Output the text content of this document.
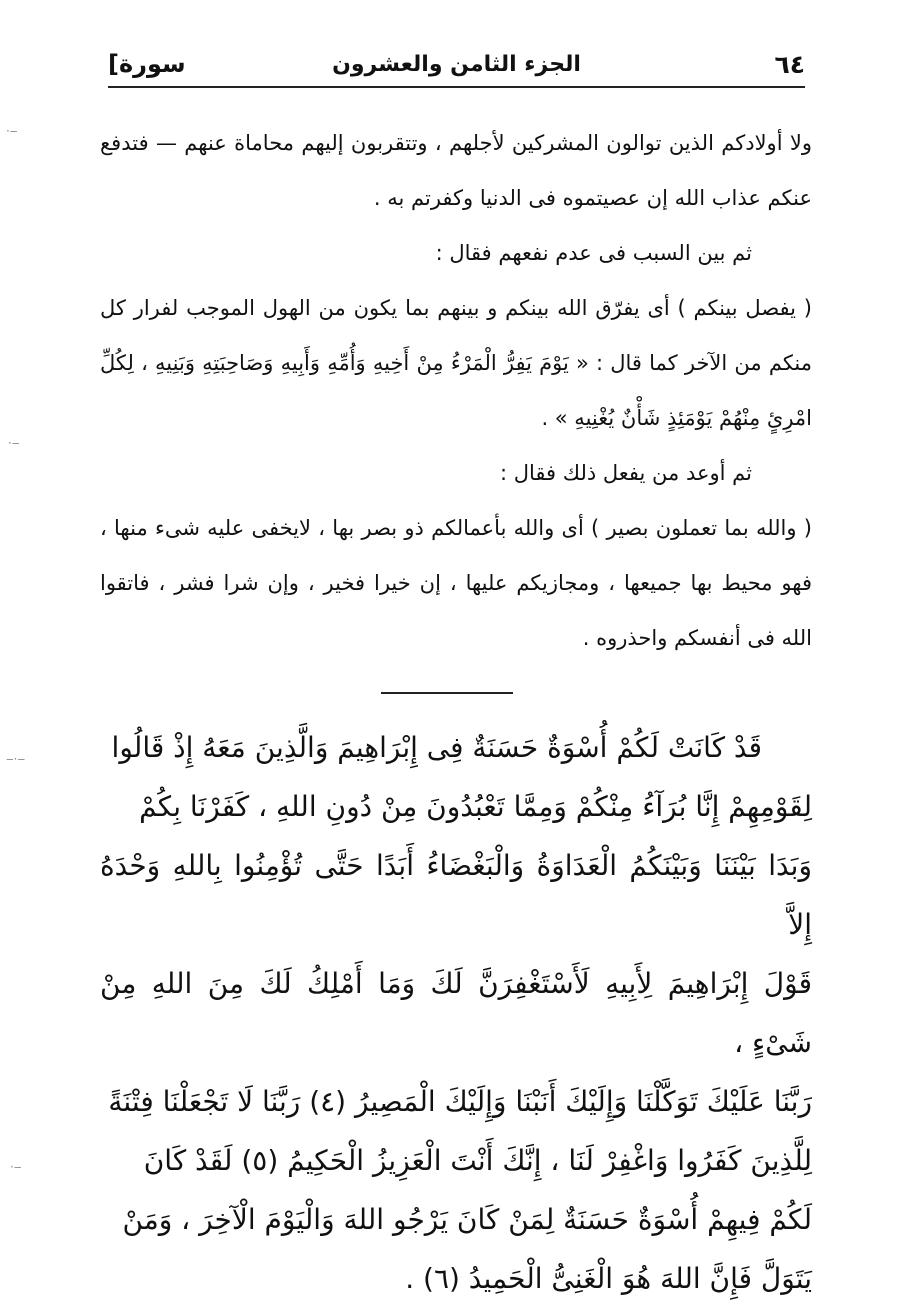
٦٤
الجزء الثامن والعشرون
[سورة

ولا أولادكم الذين توالون المشركين لأجلهم ، وتتقربون إليهم محاماة عنهم — فتدفع عنكم عذاب الله إن عصيتموه فى الدنيا وكفرتم به .

ثم بين السبب فى عدم نفعهم فقال :

( يفصل بينكم ) أى يفرّق الله بينكم و بينهم بما يكون من الهول الموجب لفرار كل منكم من الآخر كما قال : « يَوْمَ يَفِرُّ الْمَرْءُ مِنْ أَخِيهِ وَأُمِّهِ وَأَبِيهِ وَصَاحِبَتِهِ وَبَنِيهِ ، لِكُلِّ امْرِئٍ مِنْهُمْ يَوْمَئِذٍ شَأْنٌ يُغْنِيهِ » .

ثم أوعد من يفعل ذلك فقال :

( والله بما تعملون بصير ) أى والله بأعمالكم ذو بصر بها ، لايخفى عليه شىء منها ، فهو محيط بها جميعها ، ومجازيكم عليها ، إن خيرا فخير ، وإن شرا فشر ، فاتقوا الله فى أنفسكم واحذروه .

قَدْ كَانَتْ لَكُمْ أُسْوَةٌ حَسَنَةٌ فِى إِبْرَاهِيمَ وَالَّذِينَ مَعَهُ إِذْ قَالُوا

لِقَوْمِهِمْ إِنَّا بُرَآءُ مِنْكُمْ وَمِمَّا تَعْبُدُونَ مِنْ دُونِ اللهِ ، كَفَرْنَا بِكُمْ

وَبَدَا بَيْنَنَا وَبَيْنَكُمُ الْعَدَاوَةُ وَالْبَغْضَاءُ أَبَدًا حَتَّى تُؤْمِنُوا بِاللهِ وَحْدَهُ إِلاَّ

قَوْلَ إِبْرَاهِيمَ لِأَبِيهِ لَأَسْتَغْفِرَنَّ لَكَ وَمَا أَمْلِكُ لَكَ مِنَ اللهِ مِنْ شَىْءٍ ،

رَبَّنَا عَلَيْكَ تَوَكَّلْنَا وَإِلَيْكَ أَنَبْنَا وَإِلَيْكَ الْمَصِيرُ (٤) رَبَّنَا لَا تَجْعَلْنَا فِتْنَةً

لِلَّذِينَ كَفَرُوا وَاغْفِرْ لَنَا ، إِنَّكَ أَنْتَ الْعَزِيزُ الْحَكِيمُ (٥) لَقَدْ كَانَ

لَكُمْ فِيهِمْ أُسْوَةٌ حَسَنَةٌ لِمَنْ كَانَ يَرْجُو اللهَ وَالْيَوْمَ الْآخِرَ ، وَمَنْ

يَتَوَلَّ فَإِنَّ اللهَ هُوَ الْغَنِىُّ الْحَمِيدُ (٦) .

·‒
·‒
‒·‒
·‒
